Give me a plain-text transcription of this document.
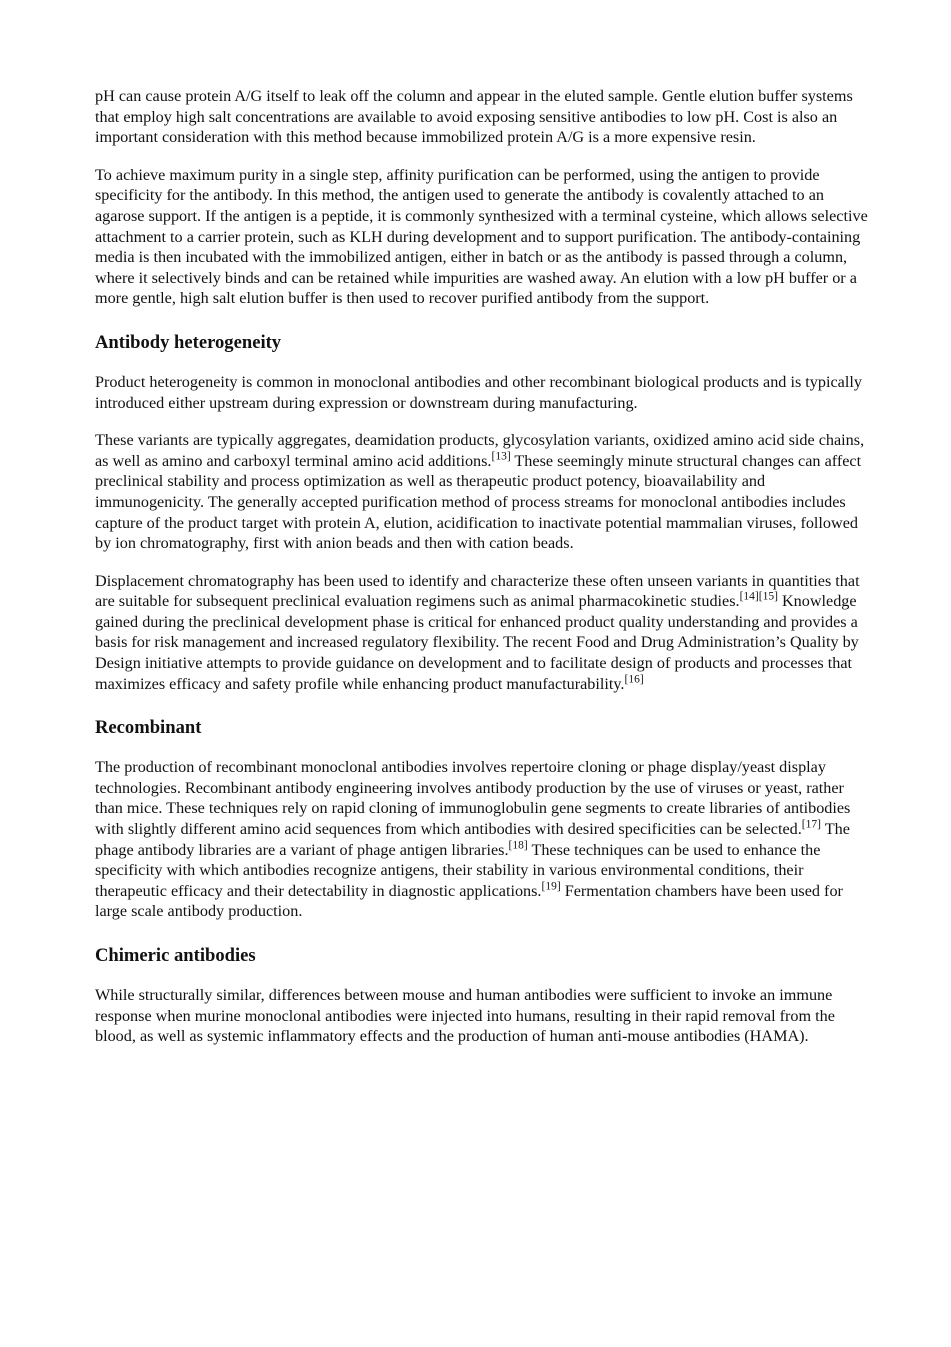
pH can cause protein A/G itself to leak off the column and appear in the eluted sample. Gentle elution buffer systems that employ high salt concentrations are available to avoid exposing sensitive antibodies to low pH. Cost is also an important consideration with this method because immobilized protein A/G is a more expensive resin.

To achieve maximum purity in a single step, affinity purification can be performed, using the antigen to provide specificity for the antibody. In this method, the antigen used to generate the antibody is covalently attached to an agarose support. If the antigen is a peptide, it is commonly synthesized with a terminal cysteine, which allows selective attachment to a carrier protein, such as KLH during development and to support purification. The antibody-containing media is then incubated with the immobilized antigen, either in batch or as the antibody is passed through a column, where it selectively binds and can be retained while impurities are washed away. An elution with a low pH buffer or a more gentle, high salt elution buffer is then used to recover purified antibody from the support.

Antibody heterogeneity

Product heterogeneity is common in monoclonal antibodies and other recombinant biological products and is typically introduced either upstream during expression or downstream during manufacturing.

These variants are typically aggregates, deamidation products, glycosylation variants, oxidized amino acid side chains, as well as amino and carboxyl terminal amino acid additions.[13] These seemingly minute structural changes can affect preclinical stability and process optimization as well as therapeutic product potency, bioavailability and immunogenicity. The generally accepted purification method of process streams for monoclonal antibodies includes capture of the product target with protein A, elution, acidification to inactivate potential mammalian viruses, followed by ion chromatography, first with anion beads and then with cation beads.

Displacement chromatography has been used to identify and characterize these often unseen variants in quantities that are suitable for subsequent preclinical evaluation regimens such as animal pharmacokinetic studies.[14][15] Knowledge gained during the preclinical development phase is critical for enhanced product quality understanding and provides a basis for risk management and increased regulatory flexibility. The recent Food and Drug Administration’s Quality by Design initiative attempts to provide guidance on development and to facilitate design of products and processes that maximizes efficacy and safety profile while enhancing product manufacturability.[16]

Recombinant

The production of recombinant monoclonal antibodies involves repertoire cloning or phage display/yeast display technologies. Recombinant antibody engineering involves antibody production by the use of viruses or yeast, rather than mice. These techniques rely on rapid cloning of immunoglobulin gene segments to create libraries of antibodies with slightly different amino acid sequences from which antibodies with desired specificities can be selected.[17] The phage antibody libraries are a variant of phage antigen libraries.[18] These techniques can be used to enhance the specificity with which antibodies recognize antigens, their stability in various environmental conditions, their therapeutic efficacy and their detectability in diagnostic applications.[19] Fermentation chambers have been used for large scale antibody production.

Chimeric antibodies

While structurally similar, differences between mouse and human antibodies were sufficient to invoke an immune response when murine monoclonal antibodies were injected into humans, resulting in their rapid removal from the blood, as well as systemic inflammatory effects and the production of human anti-mouse antibodies (HAMA).
